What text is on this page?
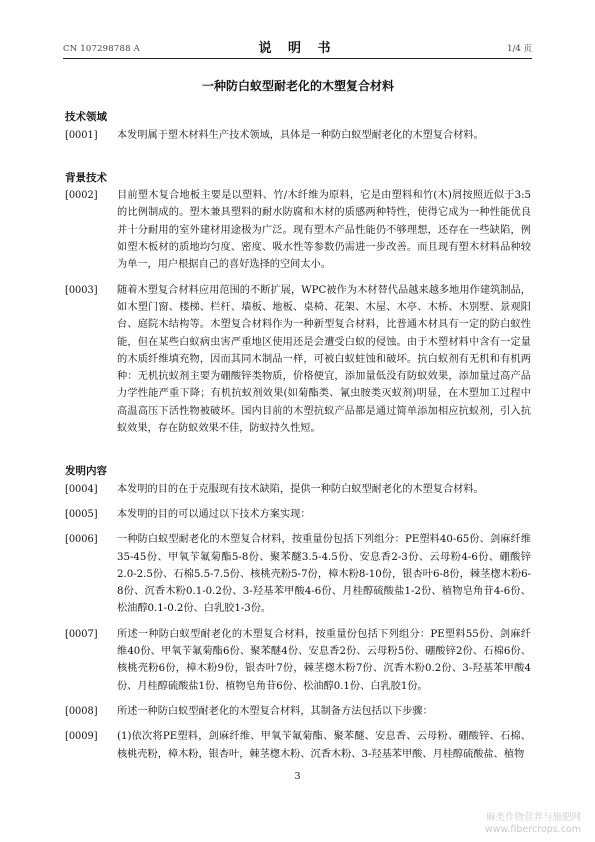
CN 107298788 A	说 明 书	1/4 页
一种防白蚁型耐老化的木塑复合材料
技术领域
[0001]	本发明属于塑木材料生产技术领域，具体是一种防白蚁型耐老化的木塑复合材料。
背景技术
[0002]	目前塑木复合地板主要是以塑料、竹/木纤维为原料，它是由塑料和竹(木)屑按照近似于3:5的比例制成的。塑木兼具塑料的耐水防腐和木材的质感两种特性，使得它成为一种性能优良并十分耐用的室外建材用途极为广泛。现有塑木产品性能仍不够理想，还存在一些缺陷，例如塑木板材的质地均匀度、密度、吸水性等参数仍需进一步改善。而且现有塑木材料品种较为单一，用户根据自己的喜好选择的空间太小。
[0003]	随着木塑复合材料应用范围的不断扩展，WPC被作为木材替代品越来越多地用作建筑制品，如木塑门窗、楼梯、栏杆、墙板、地板、桌椅、花架、木屋、木亭、木桥、木别墅、景观阳台、庭院木结构等。木塑复合材料作为一种新型复合材料，比普通木材具有一定的防白蚁性能，但在某些白蚁病虫害严重地区使用还是会遭受白蚁的侵蚀。由于木塑材料中含有一定量的木质纤维填充物，因而其同木制品一样，可被白蚁蛀蚀和破坏。抗白蚁剂有无机和有机两种：无机抗蚁剂主要为硼酸锌类物质，价格便宜，添加量低没有防蚁效果，添加量过高产品力学性能严重下降；有机抗蚁剂效果(如菊酯类、氰虫胺类灭蚁剂)明显，在木塑加工过程中高温高压下活性物被破坏。国内目前的木塑抗蚁产品都是通过简单添加相应抗蚁剂，引入抗蚁效果，存在防蚁效果不佳，防蚁持久性短。
发明内容
[0004]	本发明的目的在于克服现有技术缺陷，提供一种防白蚁型耐老化的木塑复合材料。
[0005]	本发明的目的可以通过以下技术方案实现：
[0006]	一种防白蚁型耐老化的木塑复合材料，按重量份包括下列组分：PE塑料40-65份、剑麻纤维35-45份、甲氧苄氟菊酯5-8份、聚苯醚3.5-4.5份、安息香2-3份、云母粉4-6份、硼酸锌2.0-2.5份、石棉5.5-7.5份、核桃壳粉5-7份，樟木粉8-10份，银杏叶6-8份，棘茎楤木粉6-8份、沉香木粉0.1-0.2份、3-羟基苯甲酸4-6份、月桂醇硫酸盐1-2份、植物皂角苷4-6份、松油醇0.1-0.2份、白乳胶1-3份。
[0007]	所述一种防白蚁型耐老化的木塑复合材料，按重量份包括下列组分：PE塑料55份、剑麻纤维40份、甲氧苄氟菊酯6份、聚苯醚4份、安息香2份、云母粉5份、硼酸锌2份、石棉6份、核桃壳粉6份，樟木粉9份，银杏叶7份，棘茎楤木粉7份、沉香木粉0.2份、3-羟基苯甲酸4份、月桂醇硫酸盐1份、植物皂角苷6份、松油醇0.1份、白乳胶1份。
[0008]	所述一种防白蚁型耐老化的木塑复合材料，其制备方法包括以下步骤：
[0009]	(1)依次将PE塑料，剑麻纤维、甲氧苄氟菊酯、聚苯醚、安息香、云母粉、硼酸锌、石棉、核桃壳粉，樟木粉，银杏叶，棘茎楤木粉、沉香木粉、3-羟基苯甲酸、月桂醇硫酸盐、植物
3
麻类作物营养与施肥网
www.fibercrops.com
